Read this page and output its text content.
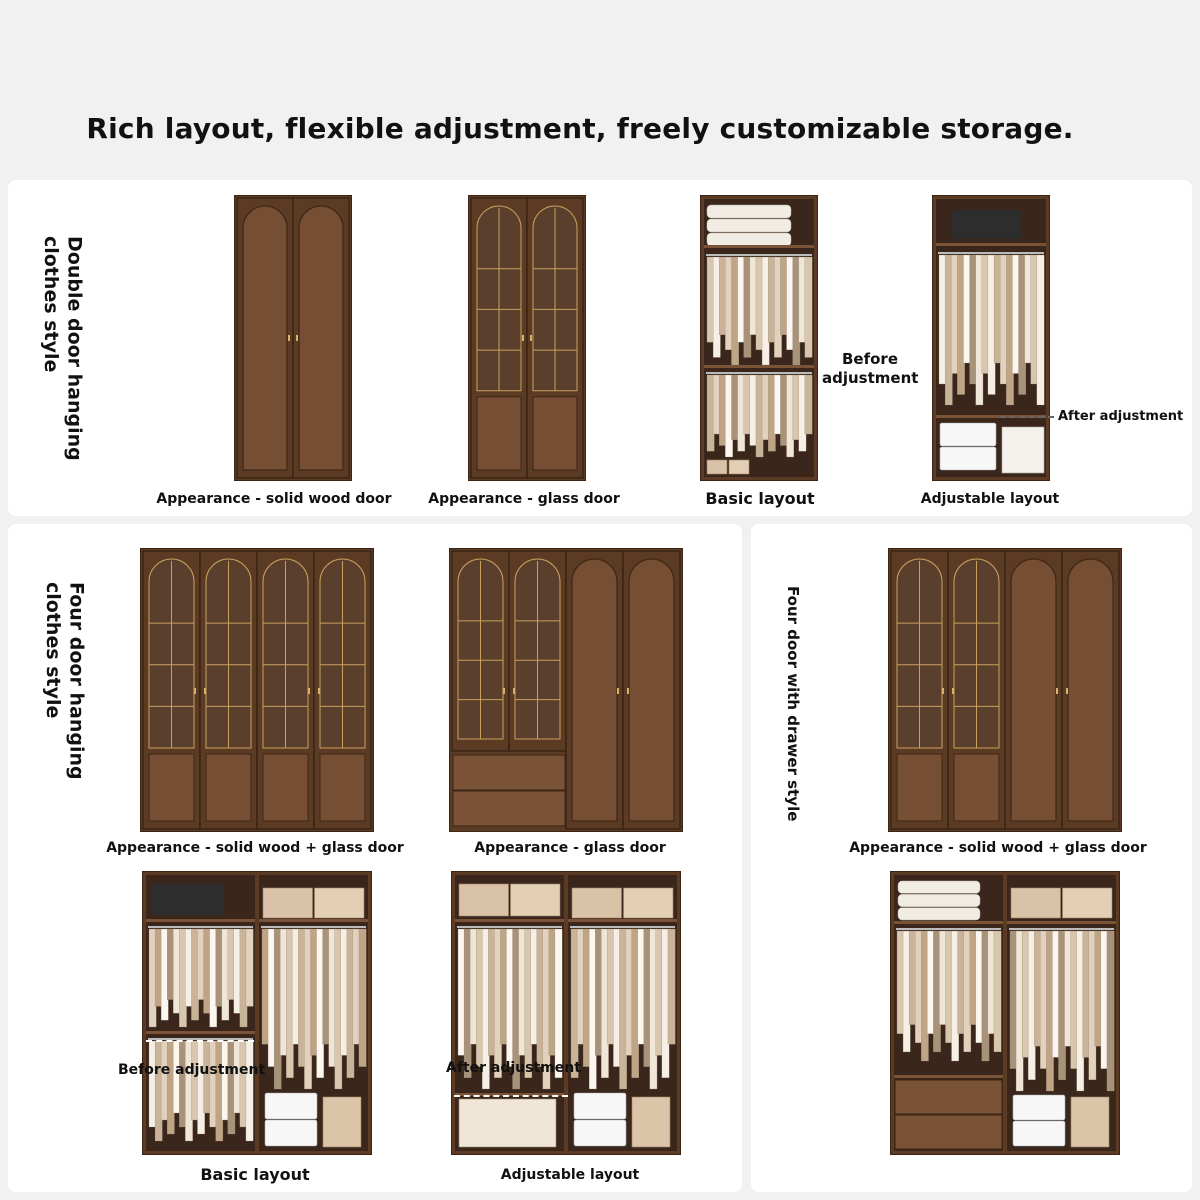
Rich layout, flexible adjustment, freely customizable storage.
Double door hanging clothes style
Appearance - solid wood door	Appearance - glass door	Basic layout	Adjustable layout
Before adjustment
After adjustment
Four door hanging clothes style
Appearance - solid wood + glass door	Appearance - glass door
Basic layout	Adjustable layout
Before adjustment	After adjustment
Four door with drawer style
Appearance - solid wood + glass door
